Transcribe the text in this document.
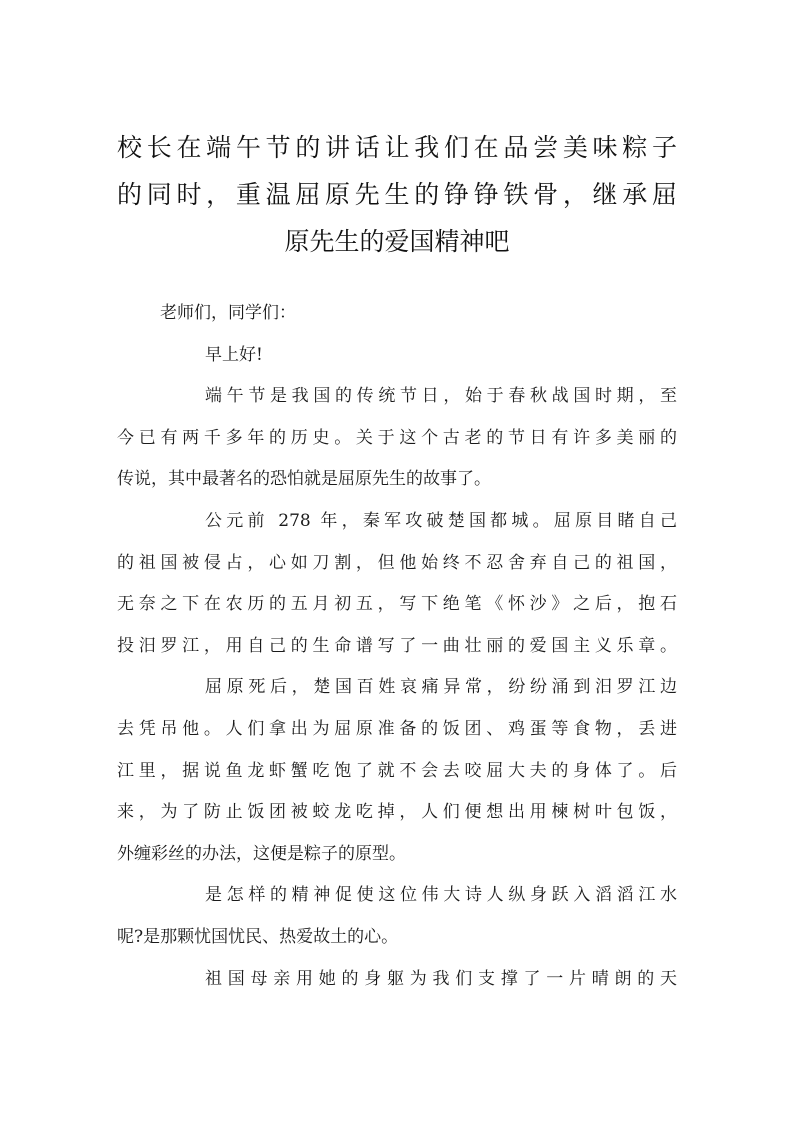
校长在端午节的讲话让我们在品尝美味粽子
的同时，重温屈原先生的铮铮铁骨，继承屈
原先生的爱国精神吧
老师们，同学们：
早上好!
端午节是我国的传统节日，始于春秋战国时期，至
今已有两千多年的历史。关于这个古老的节日有许多美丽的
传说，其中最著名的恐怕就是屈原先生的故事了。
公元前 278 年，秦军攻破楚国都城。屈原目睹自己
的祖国被侵占，心如刀割，但他始终不忍舍弃自己的祖国，
无奈之下在农历的五月初五，写下绝笔《怀沙》之后，抱石
投汨罗江，用自己的生命谱写了一曲壮丽的爱国主义乐章。
屈原死后，楚国百姓哀痛异常，纷纷涌到汨罗江边
去凭吊他。人们拿出为屈原准备的饭团、鸡蛋等食物，丢进
江里，据说鱼龙虾蟹吃饱了就不会去咬屈大夫的身体了。后
来，为了防止饭团被蛟龙吃掉，人们便想出用楝树叶包饭，
外缠彩丝的办法，这便是粽子的原型。
是怎样的精神促使这位伟大诗人纵身跃入滔滔江水
呢?是那颗忧国忧民、热爱故土的心。
祖国母亲用她的身躯为我们支撑了一片晴朗的天
